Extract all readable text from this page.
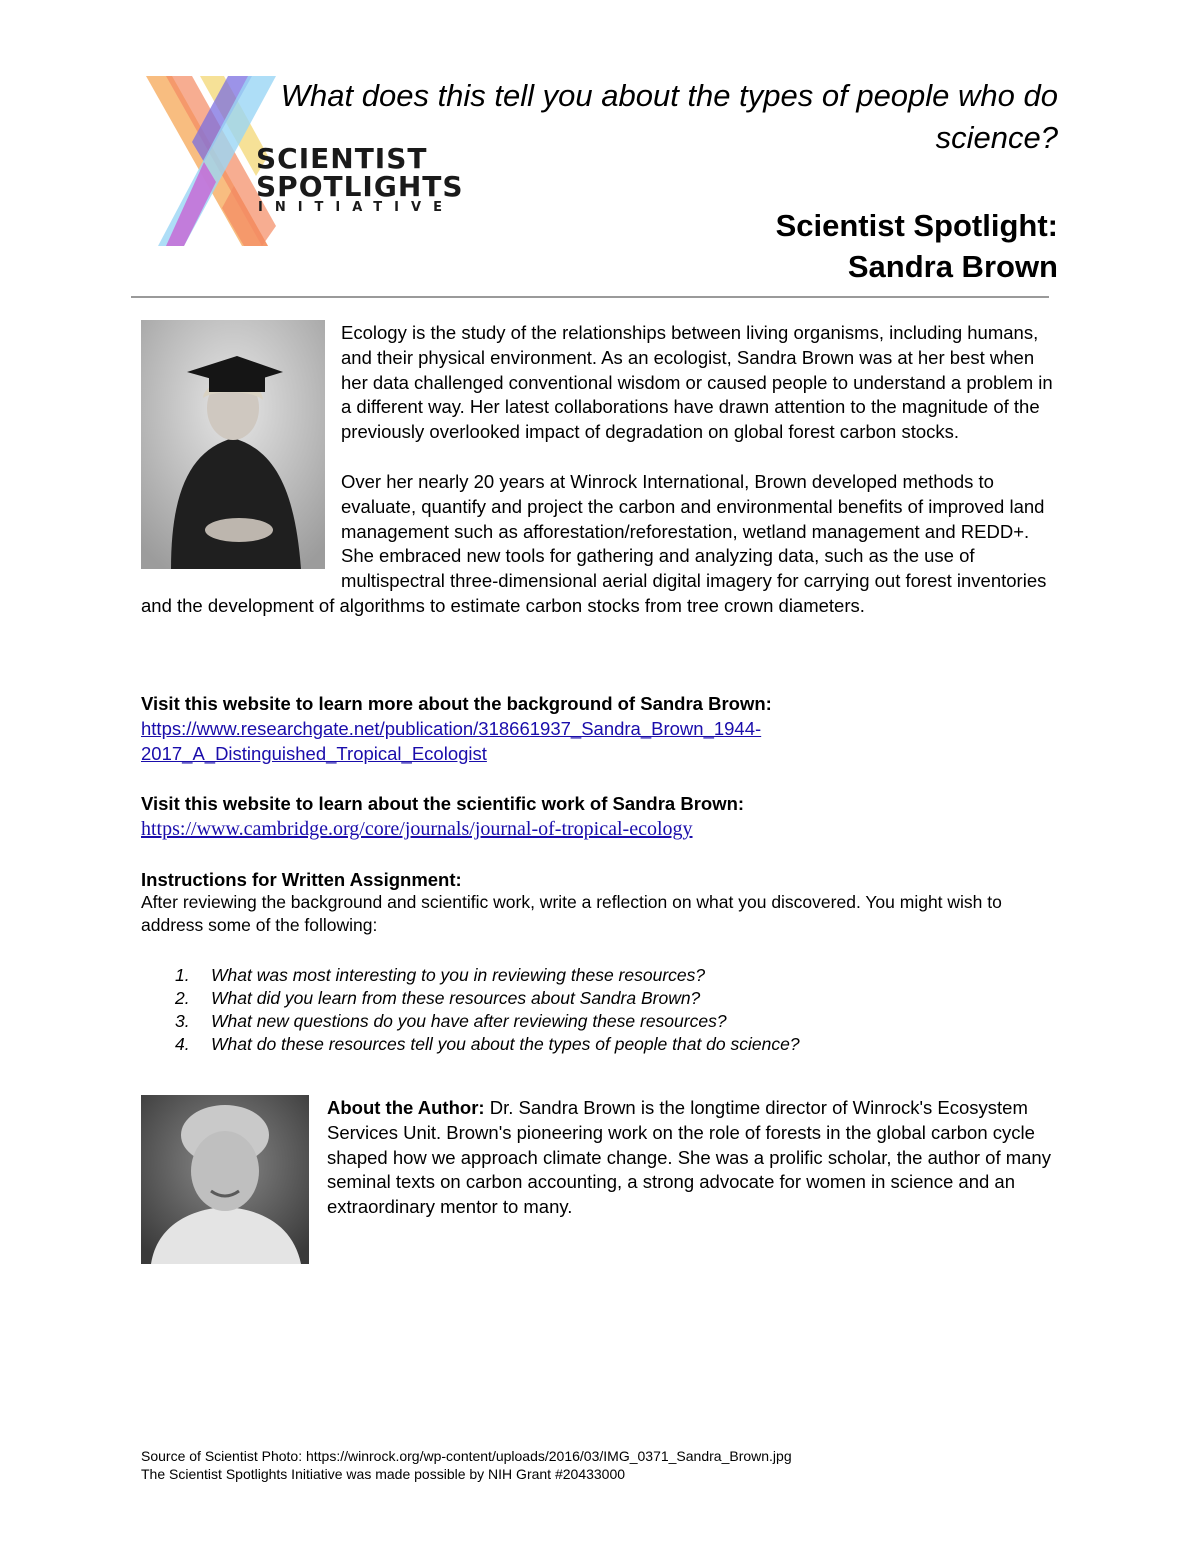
SCIENTIST
SPOTLIGHTS
INITIATIVE
What does this tell you about the types of people who do science?
Scientist Spotlight:
Sandra Brown

Ecology is the study of the relationships between living organisms, including humans, and their physical environment. As an ecologist, Sandra Brown was at her best when her data challenged conventional wisdom or caused people to understand a problem in a different way. Her latest collaborations have drawn attention to the magnitude of the previously overlooked impact of degradation on global forest carbon stocks.

Over her nearly 20 years at Winrock International, Brown developed methods to evaluate, quantify and project the carbon and environmental benefits of improved land management such as afforestation/reforestation, wetland management and REDD+. She embraced new tools for gathering and analyzing data, such as the use of multispectral three-dimensional aerial digital imagery for carrying out forest inventories and the development of algorithms to estimate carbon stocks from tree crown diameters.

Visit this website to learn more about the background of Sandra Brown:
https://www.researchgate.net/publication/318661937_Sandra_Brown_1944-2017_A_Distinguished_Tropical_Ecologist
Visit this website to learn about the scientific work of Sandra Brown:
https://www.cambridge.org/core/journals/journal-of-tropical-ecology
Instructions for Written Assignment:
After reviewing the background and scientific work, write a reflection on what you discovered. You might wish to address some of the following:
1.	What was most interesting to you in reviewing these resources?
2.	What did you learn from these resources about Sandra Brown?
3.	What new questions do you have after reviewing these resources?
4.	What do these resources tell you about the types of people that do science?
About the Author: Dr. Sandra Brown is the longtime director of Winrock's Ecosystem Services Unit. Brown's pioneering work on the role of forests in the global carbon cycle shaped how we approach climate change. She was a prolific scholar, the author of many seminal texts on carbon accounting, a strong advocate for women in science and an extraordinary mentor to many.
Source of Scientist Photo: https://winrock.org/wp-content/uploads/2016/03/IMG_0371_Sandra_Brown.jpg
The Scientist Spotlights Initiative was made possible by NIH Grant #20433000
